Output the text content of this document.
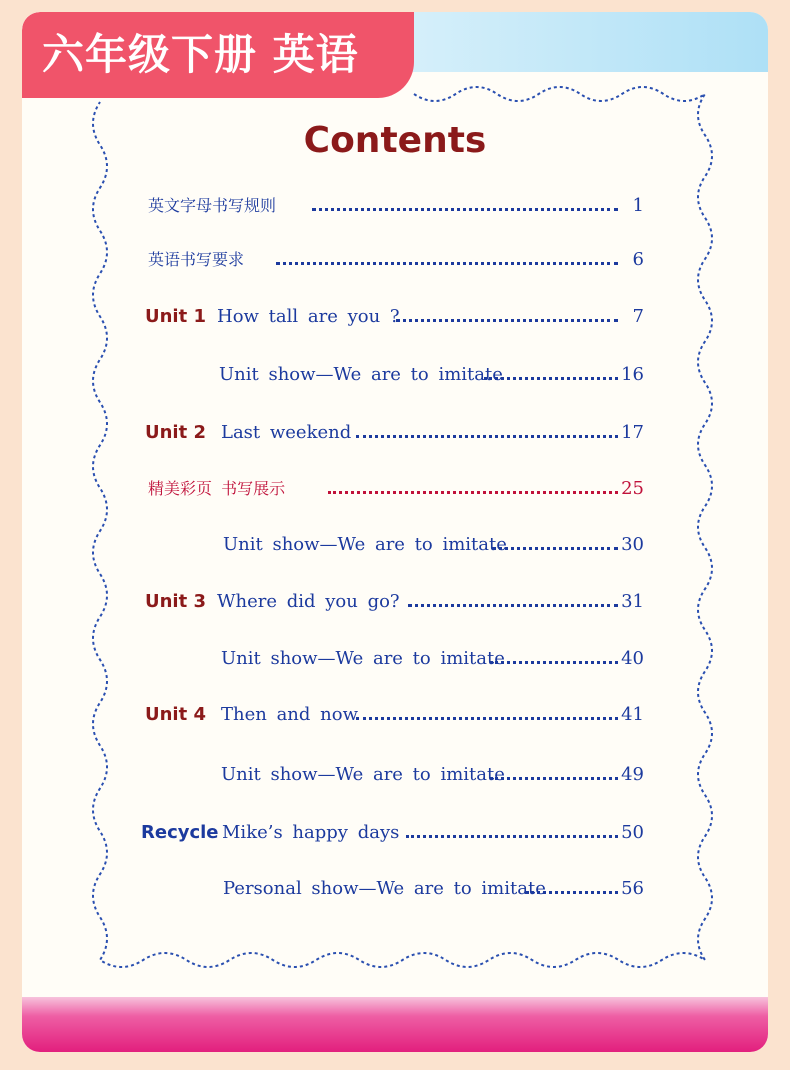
六年级下册 英语
Contents
英文字母书写规则	1
英语书写要求	6
Unit 1 How tall are you ?	7
Unit show—We are to imitate	16
Unit 2 Last weekend	17
精美彩页 书写展示	25
Unit show—We are to imitate	30
Unit 3 Where did you go?	31
Unit show—We are to imitate	40
Unit 4 Then and now	41
Unit show—We are to imitate	49
Recycle Mike’s happy days	50
Personal show—We are to imitate	56
